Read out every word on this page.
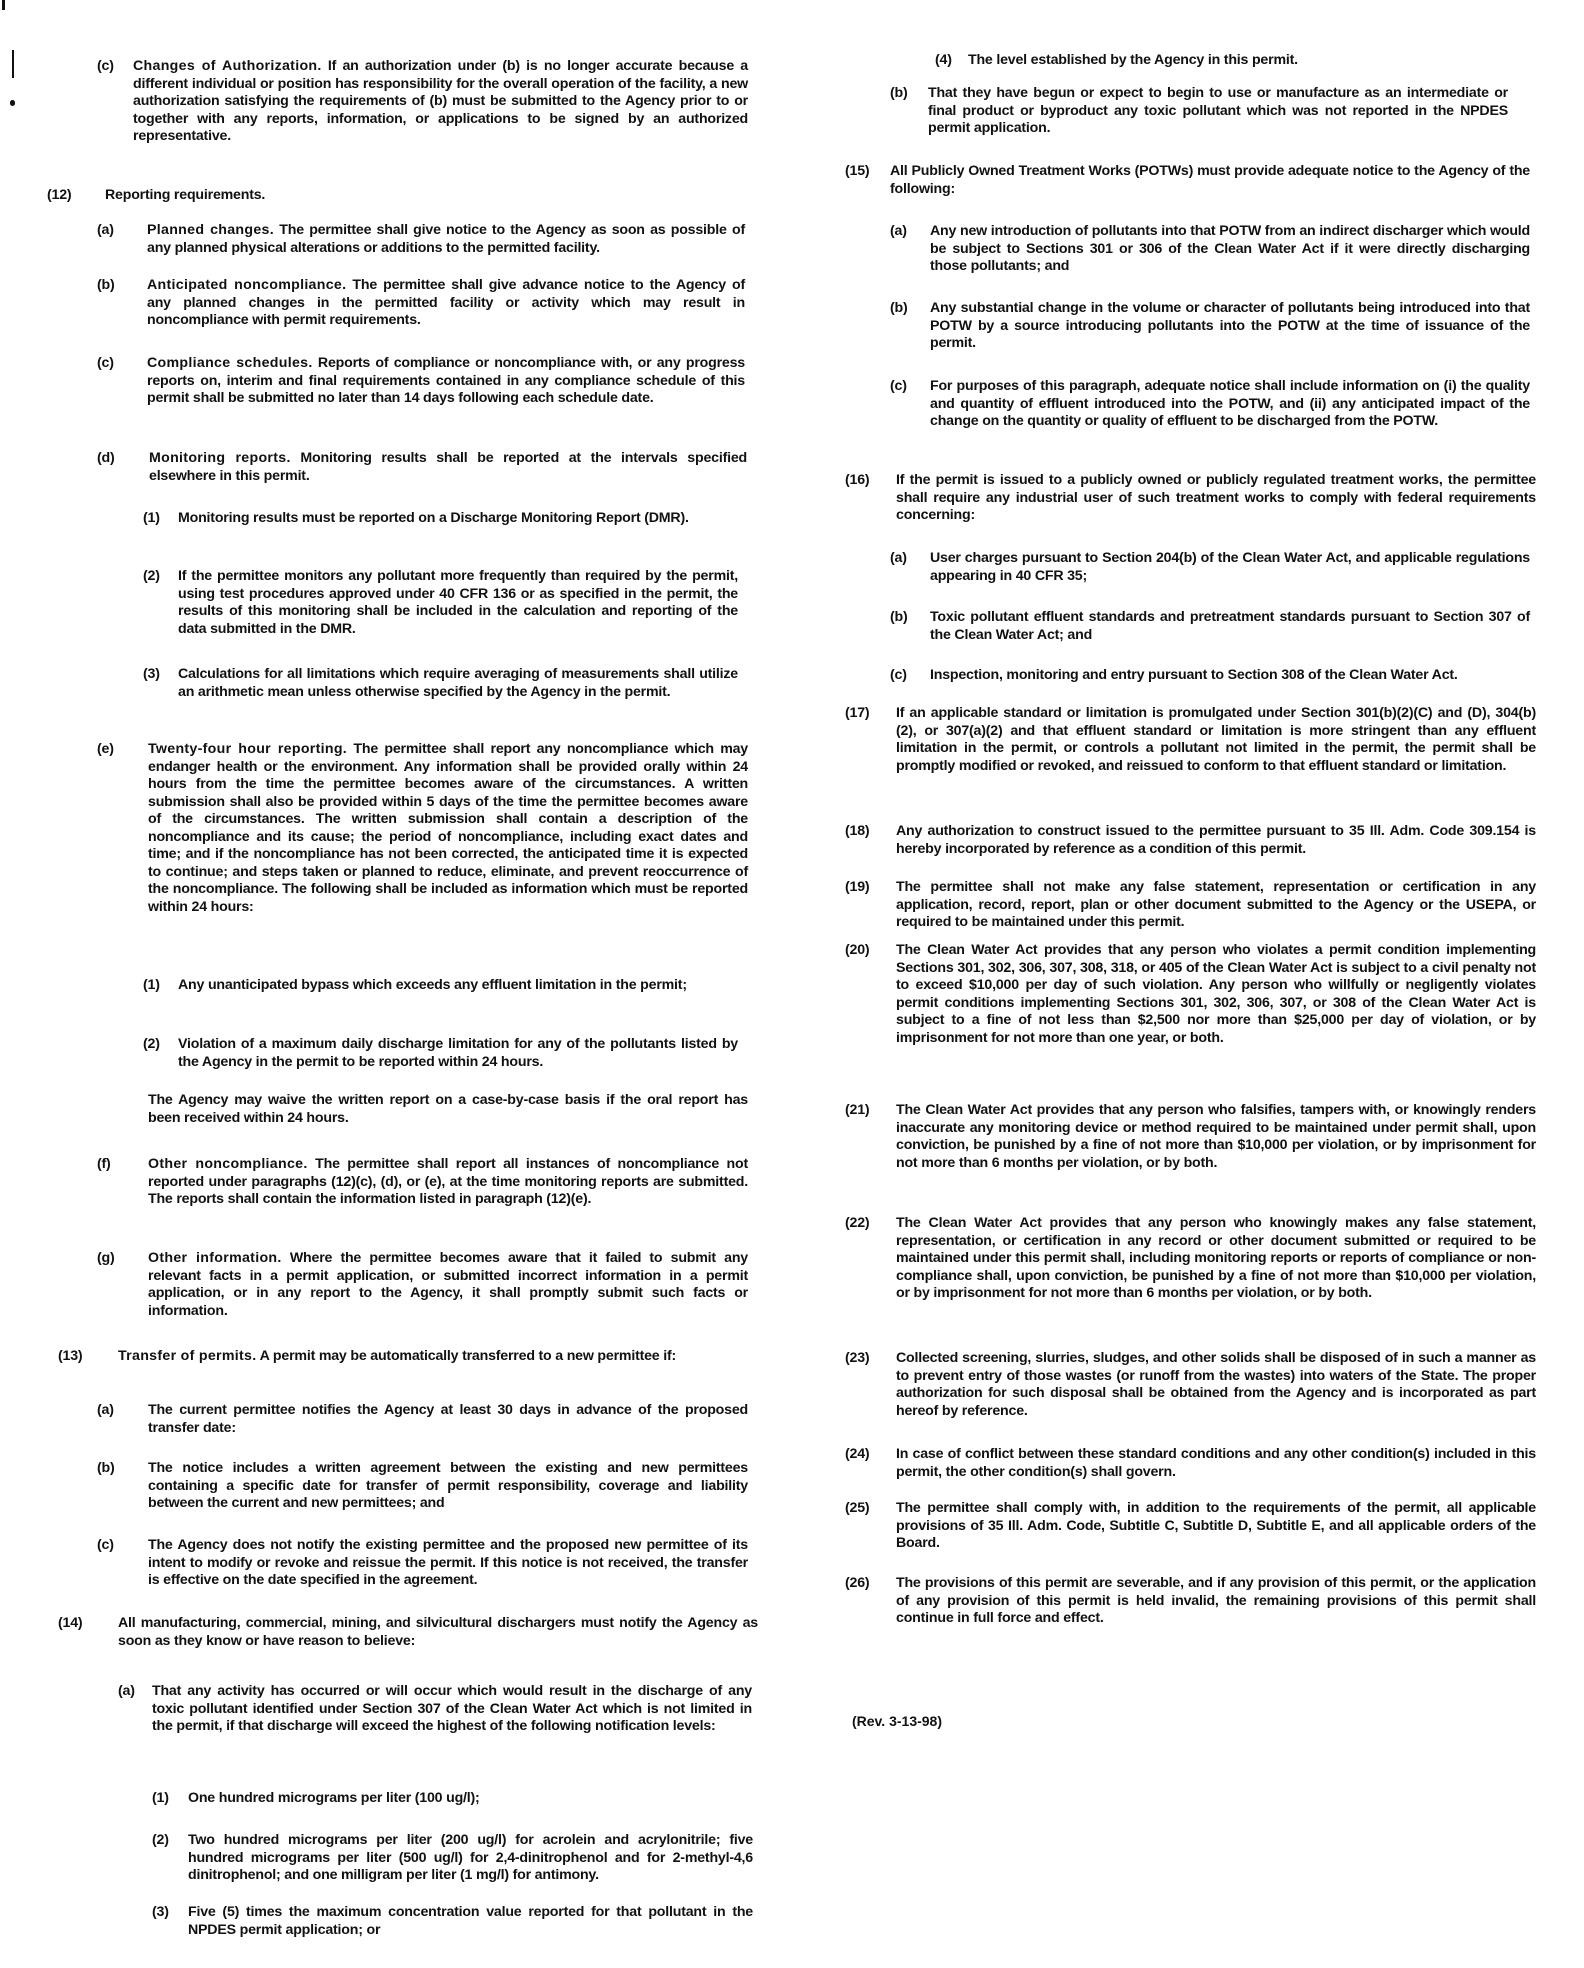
(c) Changes of Authorization. If an authorization under (b) is no longer accurate because a different individual or position has responsibility for the overall operation of the facility, a new authorization satisfying the requirements of (b) must be submitted to the Agency prior to or together with any reports, information, or applications to be signed by an authorized representative.
(12) Reporting requirements.
(a) Planned changes. The permittee shall give notice to the Agency as soon as possible of any planned physical alterations or additions to the permitted facility.
(b) Anticipated noncompliance. The permittee shall give advance notice to the Agency of any planned changes in the permitted facility or activity which may result in noncompliance with permit requirements.
(c) Compliance schedules. Reports of compliance or noncompliance with, or any progress reports on, interim and final requirements contained in any compliance schedule of this permit shall be submitted no later than 14 days following each schedule date.
(d) Monitoring reports. Monitoring results shall be reported at the intervals specified elsewhere in this permit.
(1) Monitoring results must be reported on a Discharge Monitoring Report (DMR).
(2) If the permittee monitors any pollutant more frequently than required by the permit, using test procedures approved under 40 CFR 136 or as specified in the permit, the results of this monitoring shall be included in the calculation and reporting of the data submitted in the DMR.
(3) Calculations for all limitations which require averaging of measurements shall utilize an arithmetic mean unless otherwise specified by the Agency in the permit.
(e) Twenty-four hour reporting. The permittee shall report any noncompliance which may endanger health or the environment. Any information shall be provided orally within 24 hours from the time the permittee becomes aware of the circumstances. A written submission shall also be provided within 5 days of the time the permittee becomes aware of the circumstances. The written submission shall contain a description of the noncompliance and its cause; the period of noncompliance, including exact dates and time; and if the noncompliance has not been corrected, the anticipated time it is expected to continue; and steps taken or planned to reduce, eliminate, and prevent reoccurrence of the noncompliance. The following shall be included as information which must be reported within 24 hours:
(1) Any unanticipated bypass which exceeds any effluent limitation in the permit;
(2) Violation of a maximum daily discharge limitation for any of the pollutants listed by the Agency in the permit to be reported within 24 hours.
The Agency may waive the written report on a case-by-case basis if the oral report has been received within 24 hours.
(f)	Other noncompliance. The permittee shall report all instances of noncompliance not reported under paragraphs (12)(c), (d), or (e), at the time monitoring reports are submitted. The reports shall contain the information listed in paragraph (12)(e).
(g) Other information. Where the permittee becomes aware that it failed to submit any relevant facts in a permit application, or submitted incorrect information in a permit application, or in any report to the Agency, it shall promptly submit such facts or information.
(13)	Transfer of permits. A permit may be automatically transferred to a new permittee if:
(a) The current permittee notifies the Agency at least 30 days in advance of the proposed transfer date:
(b) The notice includes a written agreement between the existing and new permittees containing a specific date for transfer of permit responsibility, coverage and liability between the current and new permittees; and
(c) The Agency does not notify the existing permittee and the proposed new permittee of its intent to modify or revoke and reissue the permit. If this notice is not received, the transfer is effective on the date specified in the agreement.
(14)	All manufacturing, commercial, mining, and silvicultural dischargers must notify the Agency as soon as they know or have reason to believe:
(a) That any activity has occurred or will occur which would result in the discharge of any toxic pollutant identified under Section 307 of the Clean Water Act which is not limited in the permit, if that discharge will exceed the highest of the following notification levels:
(1) One hundred micrograms per liter (100 ug/l);
(2) Two hundred micrograms per liter (200 ug/l) for acrolein and acrylonitrile; five hundred micrograms per liter (500 ug/l) for 2,4-dinitrophenol and for 2-methyl-4,6 dinitrophenol; and one milligram per liter (1 mg/l) for antimony.
(3) Five (5) times the maximum concentration value reported for that pollutant in the NPDES permit application; or
(4) The level established by the Agency in this permit.
(b) That they have begun or expect to begin to use or manufacture as an intermediate or final product or byproduct any toxic pollutant which was not reported in the NPDES permit application.
(15) All Publicly Owned Treatment Works (POTWs) must provide adequate notice to the Agency of the following:
(a) Any new introduction of pollutants into that POTW from an indirect discharger which would be subject to Sections 301 or 306 of the Clean Water Act if it were directly discharging those pollutants; and
(b) Any substantial change in the volume or character of pollutants being introduced into that POTW by a source introducing pollutants into the POTW at the time of issuance of the permit.
(c) For purposes of this paragraph, adequate notice shall include information on (i) the quality and quantity of effluent introduced into the POTW, and (ii) any anticipated impact of the change on the quantity or quality of effluent to be discharged from the POTW.
(16) If the permit is issued to a publicly owned or publicly regulated treatment works, the permittee shall require any industrial user of such treatment works to comply with federal requirements concerning:
(a) User charges pursuant to Section 204(b) of the Clean Water Act, and applicable regulations appearing in 40 CFR 35;
(b) Toxic pollutant effluent standards and pretreatment standards pursuant to Section 307 of the Clean Water Act; and
(c) Inspection, monitoring and entry pursuant to Section 308 of the Clean Water Act.
(17) If an applicable standard or limitation is promulgated under Section 301(b)(2)(C) and (D), 304(b)(2), or 307(a)(2) and that effluent standard or limitation is more stringent than any effluent limitation in the permit, or controls a pollutant not limited in the permit, the permit shall be promptly modified or revoked, and reissued to conform to that effluent standard or limitation.
(18) Any authorization to construct issued to the permittee pursuant to 35 Ill. Adm. Code 309.154 is hereby incorporated by reference as a condition of this permit.
(19) The permittee shall not make any false statement, representation or certification in any application, record, report, plan or other document submitted to the Agency or the USEPA, or required to be maintained under this permit.
(20) The Clean Water Act provides that any person who violates a permit condition implementing Sections 301, 302, 306, 307, 308, 318, or 405 of the Clean Water Act is subject to a civil penalty not to exceed $10,000 per day of such violation. Any person who willfully or negligently violates permit conditions implementing Sections 301, 302, 306, 307, or 308 of the Clean Water Act is subject to a fine of not less than $2,500 nor more than $25,000 per day of violation, or by imprisonment for not more than one year, or both.
(21) The Clean Water Act provides that any person who falsifies, tampers with, or knowingly renders inaccurate any monitoring device or method required to be maintained under permit shall, upon conviction, be punished by a fine of not more than $10,000 per violation, or by imprisonment for not more than 6 months per violation, or by both.
(22) The Clean Water Act provides that any person who knowingly makes any false statement, representation, or certification in any record or other document submitted or required to be maintained under this permit shall, including monitoring reports or reports of compliance or non-compliance shall, upon conviction, be punished by a fine of not more than $10,000 per violation, or by imprisonment for not more than 6 months per violation, or by both.
(23) Collected screening, slurries, sludges, and other solids shall be disposed of in such a manner as to prevent entry of those wastes (or runoff from the wastes) into waters of the State. The proper authorization for such disposal shall be obtained from the Agency and is incorporated as part hereof by reference.
(24) In case of conflict between these standard conditions and any other condition(s) included in this permit, the other condition(s) shall govern.
(25) The permittee shall comply with, in addition to the requirements of the permit, all applicable provisions of 35 Ill. Adm. Code, Subtitle C, Subtitle D, Subtitle E, and all applicable orders of the Board.
(26) The provisions of this permit are severable, and if any provision of this permit, or the application of any provision of this permit is held invalid, the remaining provisions of this permit shall continue in full force and effect.
(Rev. 3-13-98)
